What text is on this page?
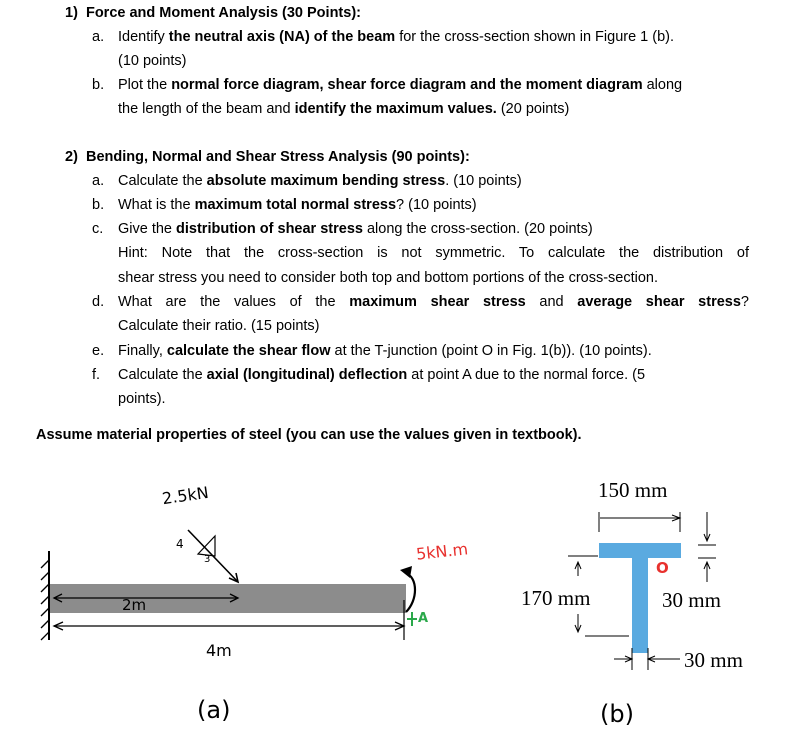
1) Force and Moment Analysis (30 Points):
a. Identify the neutral axis (NA) of the beam for the cross-section shown in Figure 1 (b).
(10 points)
b. Plot the normal force diagram, shear force diagram and the moment diagram along
the length of the beam and identify the maximum values. (20 points)
2) Bending, Normal and Shear Stress Analysis (90 points):
a. Calculate the absolute maximum bending stress. (10 points)
b. What is the maximum total normal stress? (10 points)
c. Give the distribution of shear stress along the cross-section. (20 points)
Hint: Note that the cross-section is not symmetric. To calculate the distribution of
shear stress you need to consider both top and bottom portions of the cross-section.
d. What are the values of the maximum shear stress and average shear stress?
Calculate their ratio. (15 points)
e. Finally, calculate the shear flow at the T-junction (point O in Fig. 1(b)). (10 points).
f. Calculate the axial (longitudinal) deflection at point A due to the normal force. (5
points).
Assume material properties of steel (you can use the values given in textbook).
2.5kN
4
3	5kN.m
A
2m
4m
(a)
150 mm
170 mm	30 mm
30 mm
O
(b)
